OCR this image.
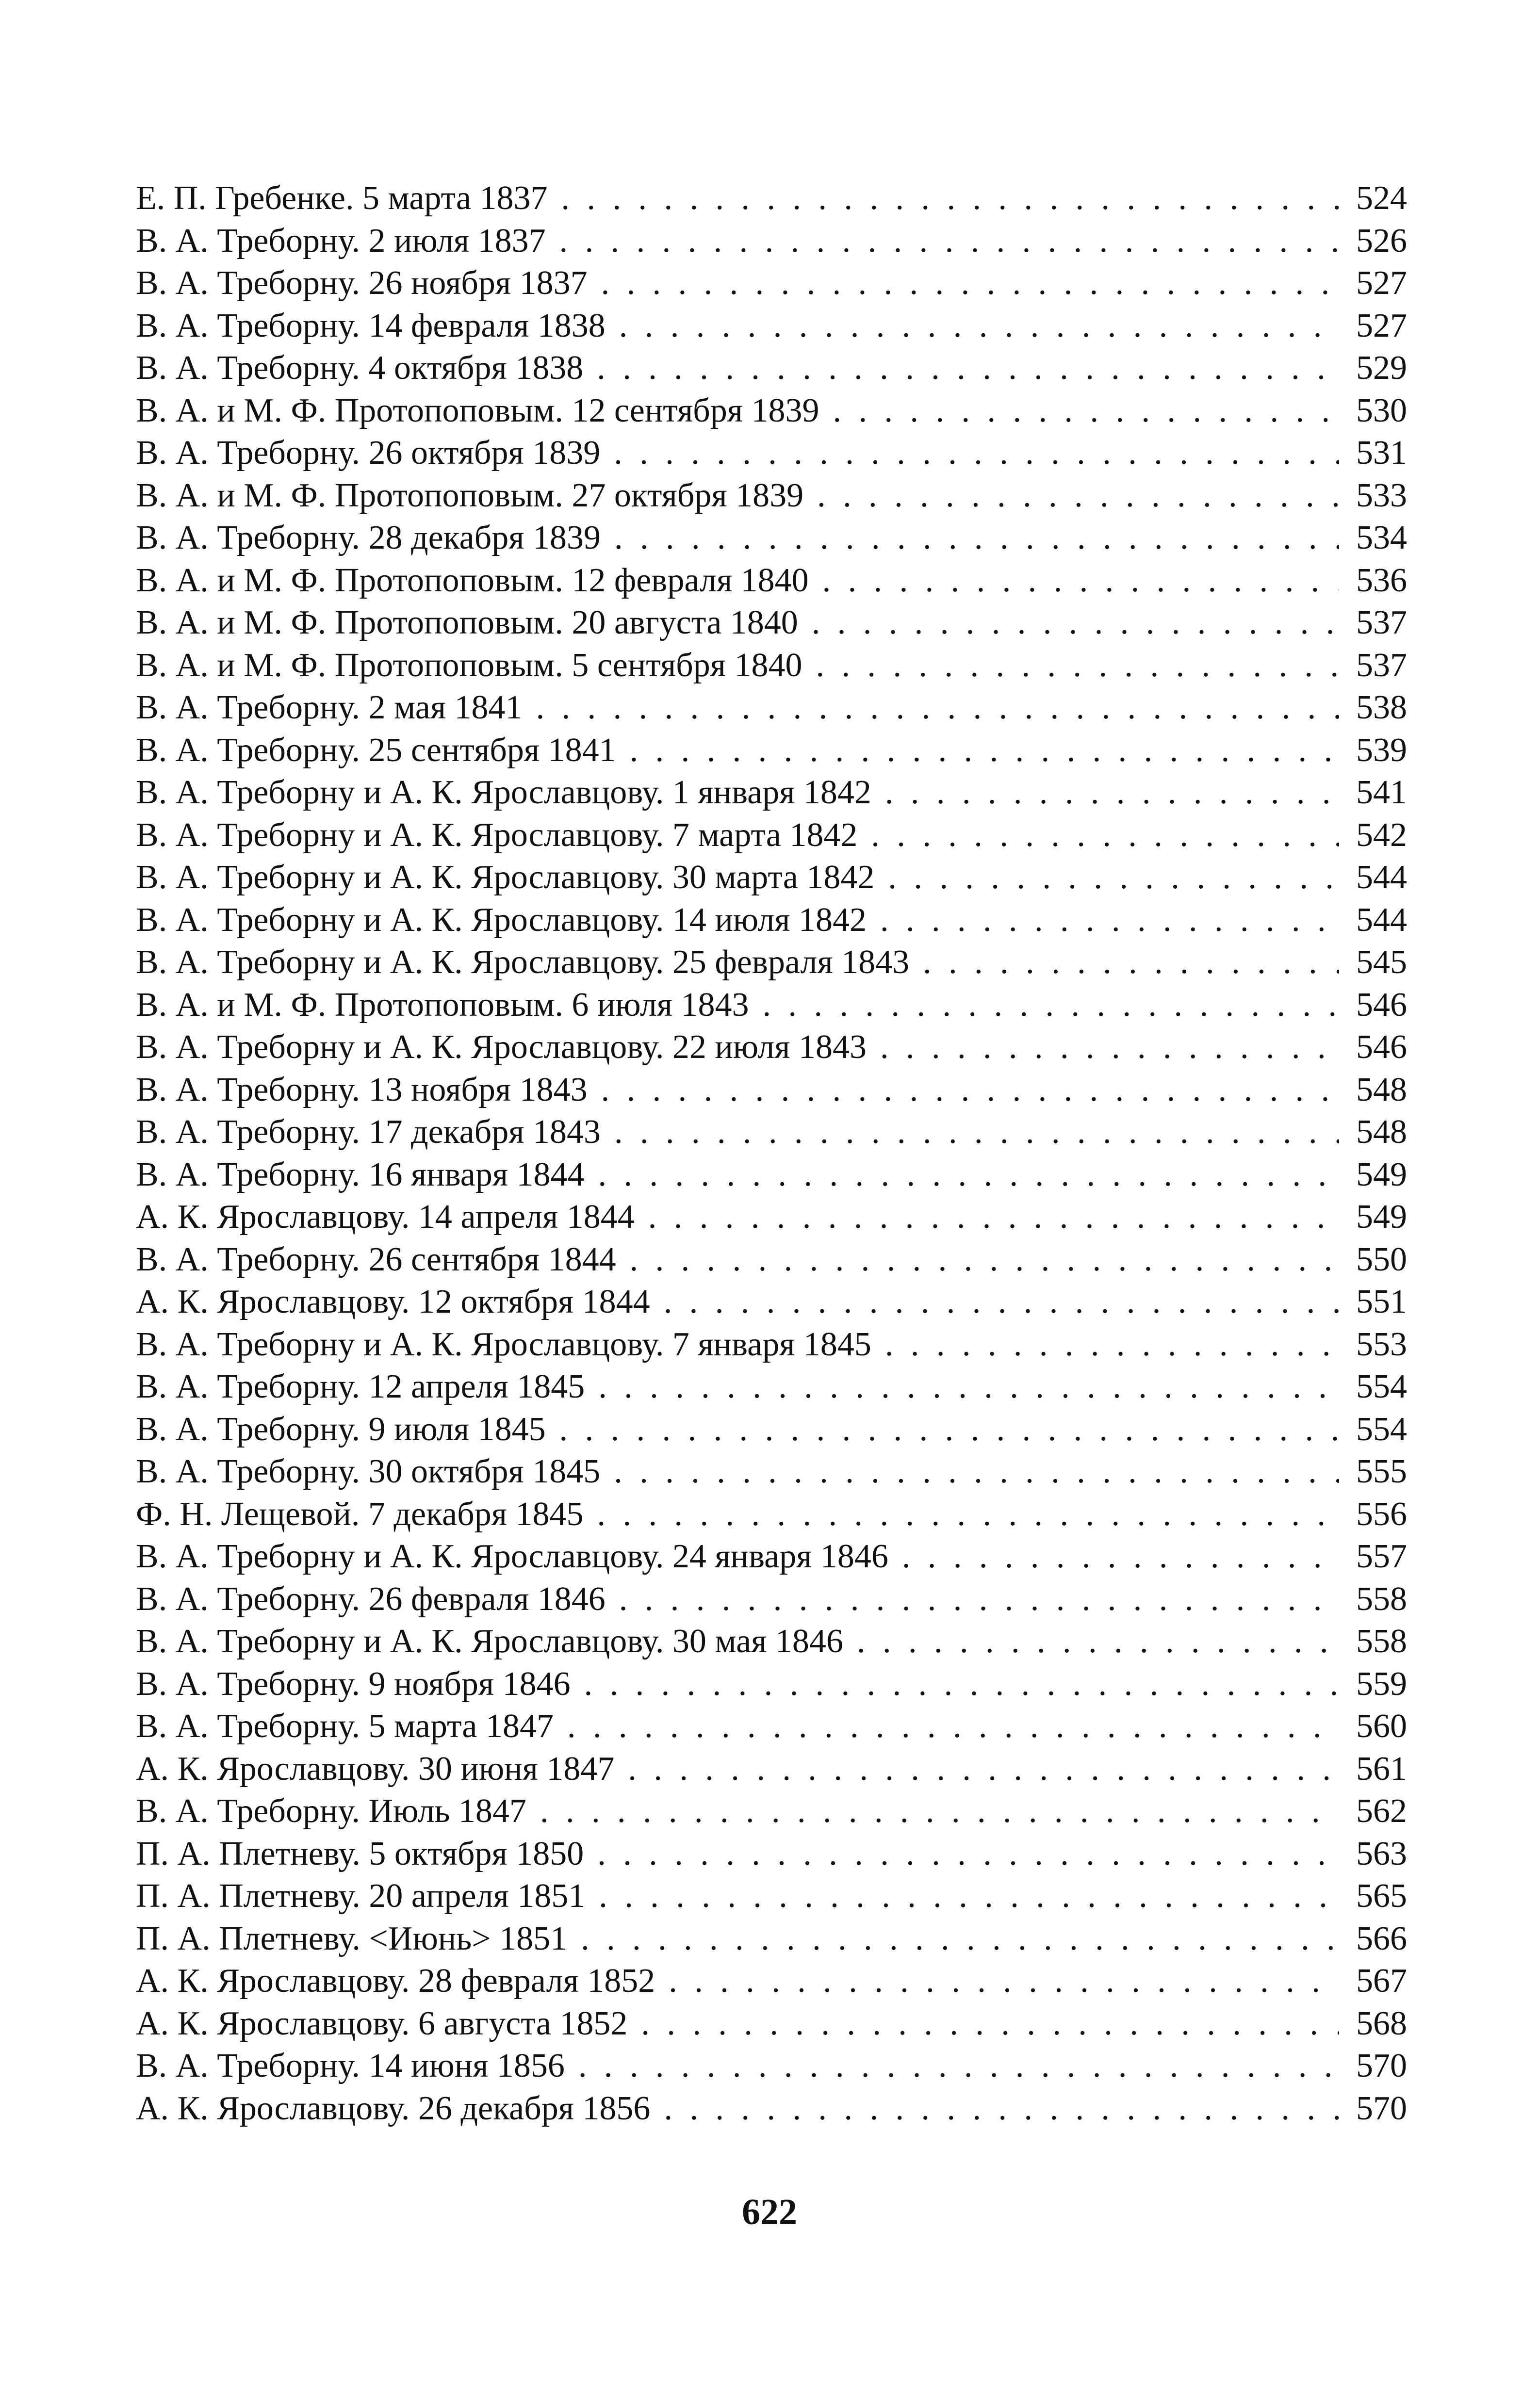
Е. П. Гребенке. 5 марта 1837 . . .	524
В. А. Треборну. 2 июля 1837 . . .	526
В. А. Треборну. 26 ноября 1837 . . .	527
В. А. Треборну. 14 февраля 1838 . . .	527
В. А. Треборну. 4 октября 1838 . . .	529
В. А. и М. Ф. Протопоповым. 12 сентября 1839 . . .	530
В. А. Треборну. 26 октября 1839 . . .	531
В. А. и М. Ф. Протопоповым. 27 октября 1839 . . .	533
В. А. Треборну. 28 декабря 1839 . . .	534
В. А. и М. Ф. Протопоповым. 12 февраля 1840 . . .	536
В. А. и М. Ф. Протопоповым. 20 августа 1840 . . .	537
В. А. и М. Ф. Протопоповым. 5 сентября 1840 . . .	537
В. А. Треборну. 2 мая 1841 . . .	538
В. А. Треборну. 25 сентября 1841 . . .	539
В. А. Треборну и А. К. Ярославцову. 1 января 1842 . . .	541
В. А. Треборну и А. К. Ярославцову. 7 марта 1842 . . .	542
В. А. Треборну и А. К. Ярославцову. 30 марта 1842 . . .	544
В. А. Треборну и А. К. Ярославцову. 14 июля 1842 . . .	544
В. А. Треборну и А. К. Ярославцову. 25 февраля 1843 . . .	545
В. А. и М. Ф. Протопоповым. 6 июля 1843 . . .	546
В. А. Треборну и А. К. Ярославцову. 22 июля 1843 . . .	546
В. А. Треборну. 13 ноября 1843 . . .	548
В. А. Треборну. 17 декабря 1843 . . .	548
В. А. Треборну. 16 января 1844 . . .	549
А. К. Ярославцову. 14 апреля 1844 . . .	549
В. А. Треборну. 26 сентября 1844 . . .	550
А. К. Ярославцову. 12 октября 1844 . . .	551
В. А. Треборну и А. К. Ярославцову. 7 января 1845 . . .	553
В. А. Треборну. 12 апреля 1845 . . .	554
В. А. Треборну. 9 июля 1845 . . .	554
В. А. Треборну. 30 октября 1845 . . .	555
Ф. Н. Лещевой. 7 декабря 1845 . . .	556
В. А. Треборну и А. К. Ярославцову. 24 января 1846 . . .	557
В. А. Треборну. 26 февраля 1846 . . .	558
В. А. Треборну и А. К. Ярославцову. 30 мая 1846 . . .	558
В. А. Треборну. 9 ноября 1846 . . .	559
В. А. Треборну. 5 марта 1847 . . .	560
А. К. Ярославцову. 30 июня 1847 . . .	561
В. А. Треборну. Июль 1847 . . .	562
П. А. Плетневу. 5 октября 1850 . . .	563
П. А. Плетневу. 20 апреля 1851 . . .	565
П. А. Плетневу. <Июнь> 1851 . . .	566
А. К. Ярославцову. 28 февраля 1852 . . .	567
А. К. Ярославцову. 6 августа 1852 . . .	568
В. А. Треборну. 14 июня 1856 . . .	570
А. К. Ярославцову. 26 декабря 1856 . . .	570
622
